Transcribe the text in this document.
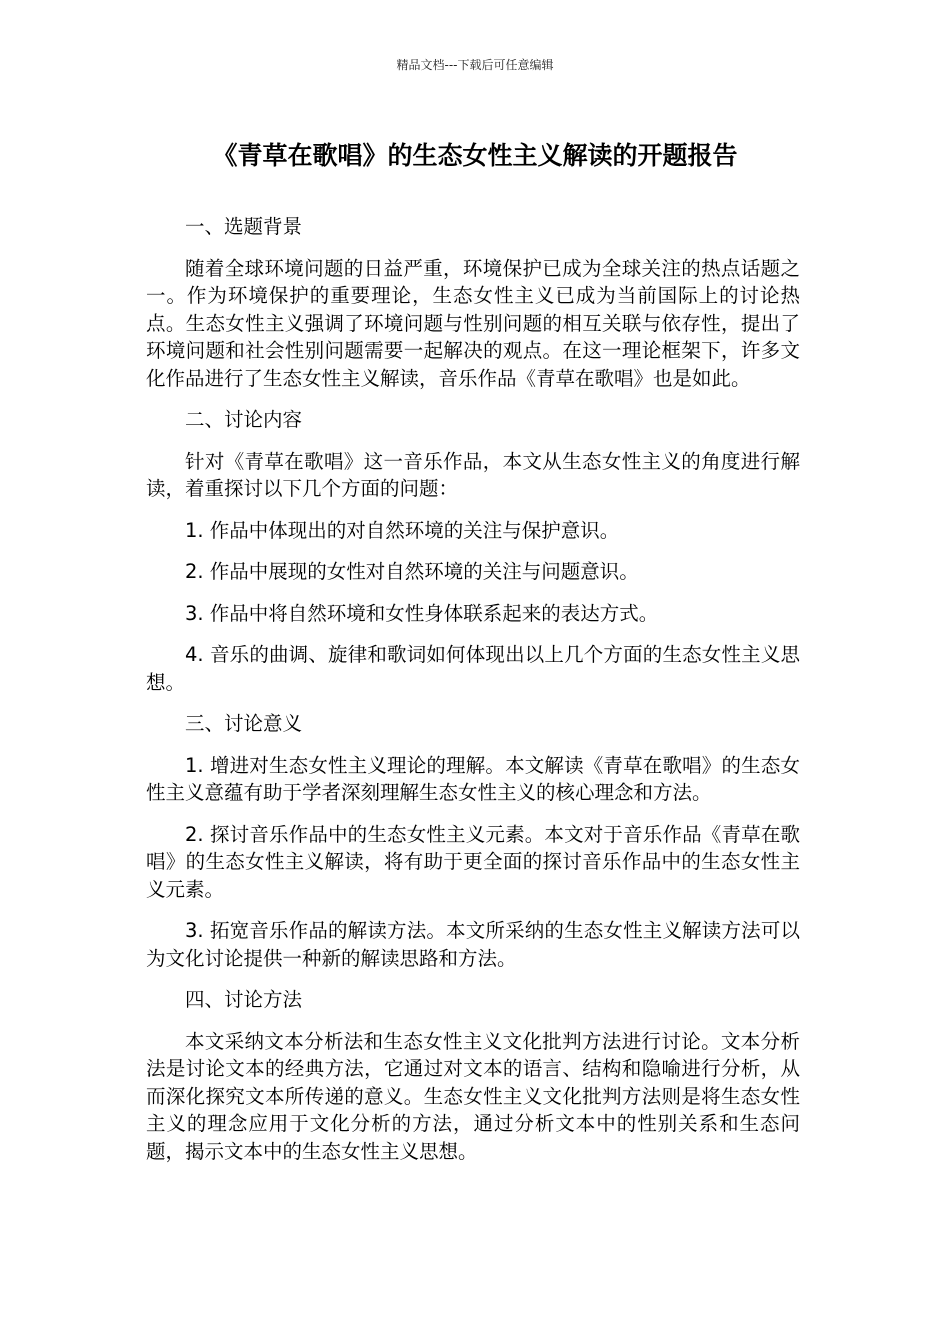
精品文档---下载后可任意编辑
《青草在歌唱》的生态女性主义解读的开题报告

一、选题背景

随着全球环境问题的日益严重，环境保护已成为全球关注的热点话题之一。作为环境保护的重要理论，生态女性主义已成为当前国际上的讨论热点。生态女性主义强调了环境问题与性别问题的相互关联与依存性，提出了环境问题和社会性别问题需要一起解决的观点。在这一理论框架下，许多文化作品进行了生态女性主义解读，音乐作品《青草在歌唱》也是如此。

二、讨论内容

针对《青草在歌唱》这一音乐作品，本文从生态女性主义的角度进行解读，着重探讨以下几个方面的问题：

1. 作品中体现出的对自然环境的关注与保护意识。

2. 作品中展现的女性对自然环境的关注与问题意识。

3. 作品中将自然环境和女性身体联系起来的表达方式。

4. 音乐的曲调、旋律和歌词如何体现出以上几个方面的生态女性主义思想。

三、讨论意义

1. 增进对生态女性主义理论的理解。本文解读《青草在歌唱》的生态女性主义意蕴有助于学者深刻理解生态女性主义的核心理念和方法。

2. 探讨音乐作品中的生态女性主义元素。本文对于音乐作品《青草在歌唱》的生态女性主义解读，将有助于更全面的探讨音乐作品中的生态女性主义元素。

3. 拓宽音乐作品的解读方法。本文所采纳的生态女性主义解读方法可以为文化讨论提供一种新的解读思路和方法。

四、讨论方法

本文采纳文本分析法和生态女性主义文化批判方法进行讨论。文本分析法是讨论文本的经典方法，它通过对文本的语言、结构和隐喻进行分析，从而深化探究文本所传递的意义。生态女性主义文化批判方法则是将生态女性主义的理念应用于文化分析的方法，通过分析文本中的性别关系和生态问题，揭示文本中的生态女性主义思想。
